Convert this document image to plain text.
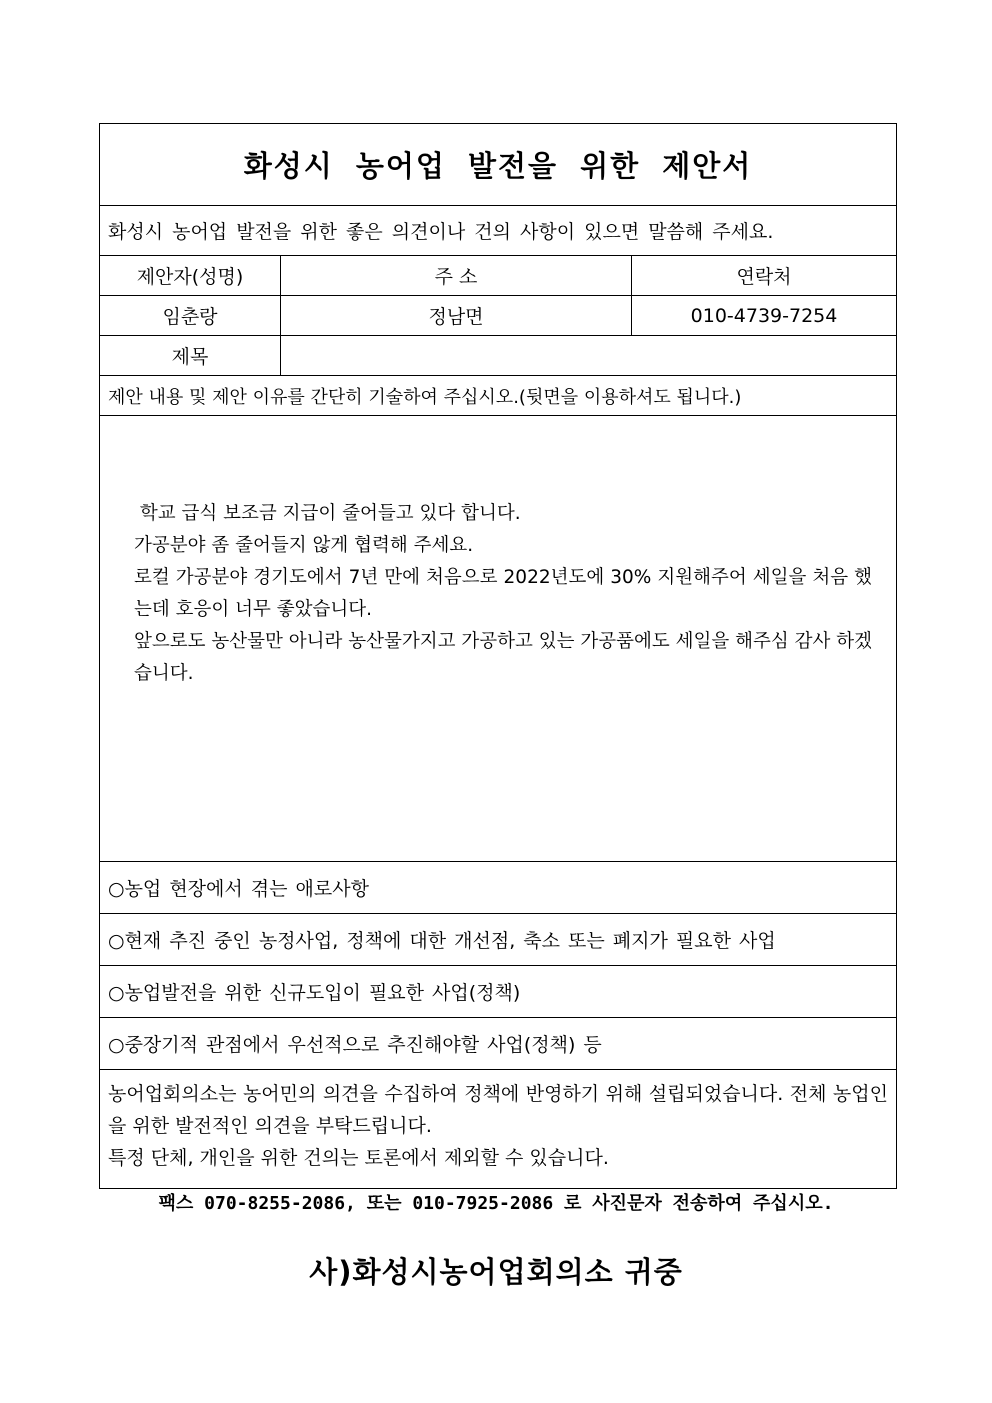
화성시 농어업 발전을 위한 제안서
화성시 농어업 발전을 위한 좋은 의견이나 건의 사항이 있으면 말씀해 주세요.
제안자(성명)	주 소	연락처
임춘랑	정남면	010-4739-7254
제목
제안 내용 및 제안 이유를 간단히 기술하여 주십시오.(뒷면을 이용하셔도 됩니다.)

학교 급식 보조금 지급이 줄어들고 있다 합니다.

가공분야 좀 줄어들지 않게 협력해 주세요.

로컬 가공분야 경기도에서 7년 만에 처음으로 2022년도에 30% 지원해주어 세일을 처음 했는데 호응이 너무 좋았습니다.

앞으로도 농산물만 아니라 농산물가지고 가공하고 있는 가공품에도 세일을 해주심 감사 하겠습니다.

○농업 현장에서 겪는 애로사항
○현재 추진 중인 농정사업, 정책에 대한 개선점, 축소 또는 폐지가 필요한 사업
○농업발전을 위한 신규도입이 필요한 사업(정책)
○중장기적 관점에서 우선적으로 추진해야할 사업(정책) 등

농어업회의소는 농어민의 의견을 수집하여 정책에 반영하기 위해 설립되었습니다. 전체 농업인을 위한 발전적인 의견을 부탁드립니다.

특정 단체, 개인을 위한 건의는 토론에서 제외할 수 있습니다.

팩스 070-8255-2086, 또는 010-7925-2086 로 사진문자 전송하여 주십시오.
사)화성시농어업회의소 귀중
